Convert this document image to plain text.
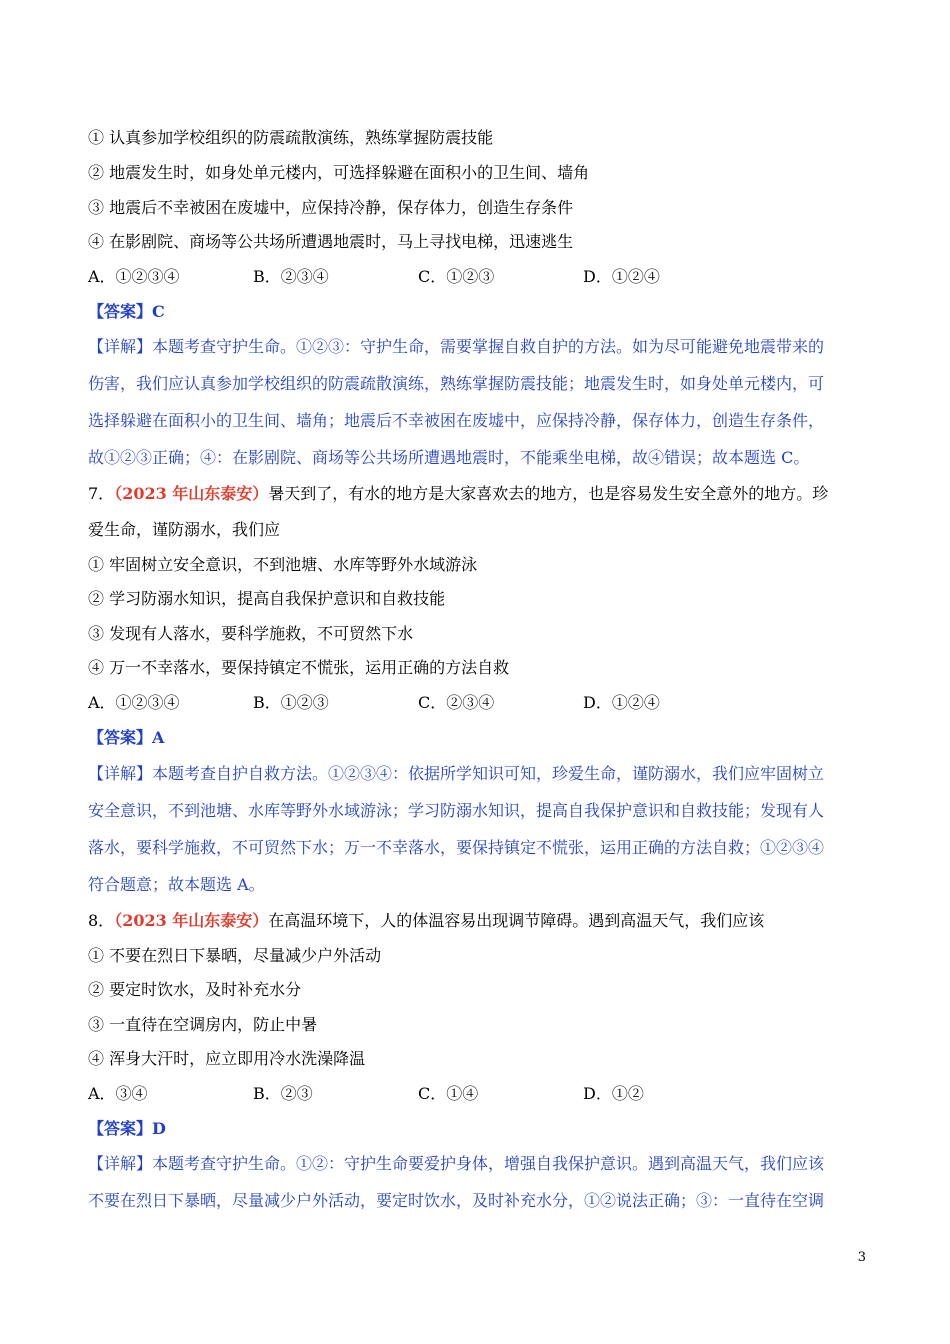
① 认真参加学校组织的防震疏散演练，熟练掌握防震技能
② 地震发生时，如身处单元楼内，可选择躲避在面积小的卫生间、墙角
③ 地震后不幸被困在废墟中，应保持冷静，保存体力，创造生存条件
④ 在影剧院、商场等公共场所遭遇地震时，马上寻找电梯，迅速逃生
A．①②③④	B．②③④	C．①②③	D．①②④
【答案】C
【详解】本题考查守护生命。①②③：守护生命，需要掌握自救自护的方法。如为尽可能避免地震带来的
伤害，我们应认真参加学校组织的防震疏散演练，熟练掌握防震技能；地震发生时，如身处单元楼内，可
选择躲避在面积小的卫生间、墙角；地震后不幸被困在废墟中，应保持冷静，保存体力，创造生存条件，
故①②③正确；④：在影剧院、商场等公共场所遭遇地震时，不能乘坐电梯，故④错误；故本题选 C。
7．（2023 年山东泰安）暑天到了，有水的地方是大家喜欢去的地方，也是容易发生安全意外的地方。珍
爱生命，谨防溺水，我们应
① 牢固树立安全意识，不到池塘、水库等野外水域游泳
② 学习防溺水知识，提高自我保护意识和自救技能
③ 发现有人落水，要科学施救，不可贸然下水
④ 万一不幸落水，要保持镇定不慌张，运用正确的方法自救
A．①②③④	B．①②③	C．②③④	D．①②④
【答案】A
【详解】本题考查自护自救方法。①②③④：依据所学知识可知，珍爱生命，谨防溺水，我们应牢固树立
安全意识，不到池塘、水库等野外水域游泳；学习防溺水知识，提高自我保护意识和自救技能；发现有人
落水，要科学施救，不可贸然下水；万一不幸落水，要保持镇定不慌张，运用正确的方法自救；①②③④
符合题意；故本题选 A。
8．（2023 年山东泰安）在高温环境下，人的体温容易出现调节障碍。遇到高温天气，我们应该
① 不要在烈日下暴晒，尽量减少户外活动
② 要定时饮水，及时补充水分
③ 一直待在空调房内，防止中暑
④ 浑身大汗时，应立即用冷水洗澡降温
A．③④	B．②③	C．①④	D．①②
【答案】D
【详解】本题考查守护生命。①②：守护生命要爱护身体，增强自我保护意识。遇到高温天气，我们应该
不要在烈日下暴晒，尽量减少户外活动，要定时饮水，及时补充水分，①②说法正确；③：一直待在空调
3
